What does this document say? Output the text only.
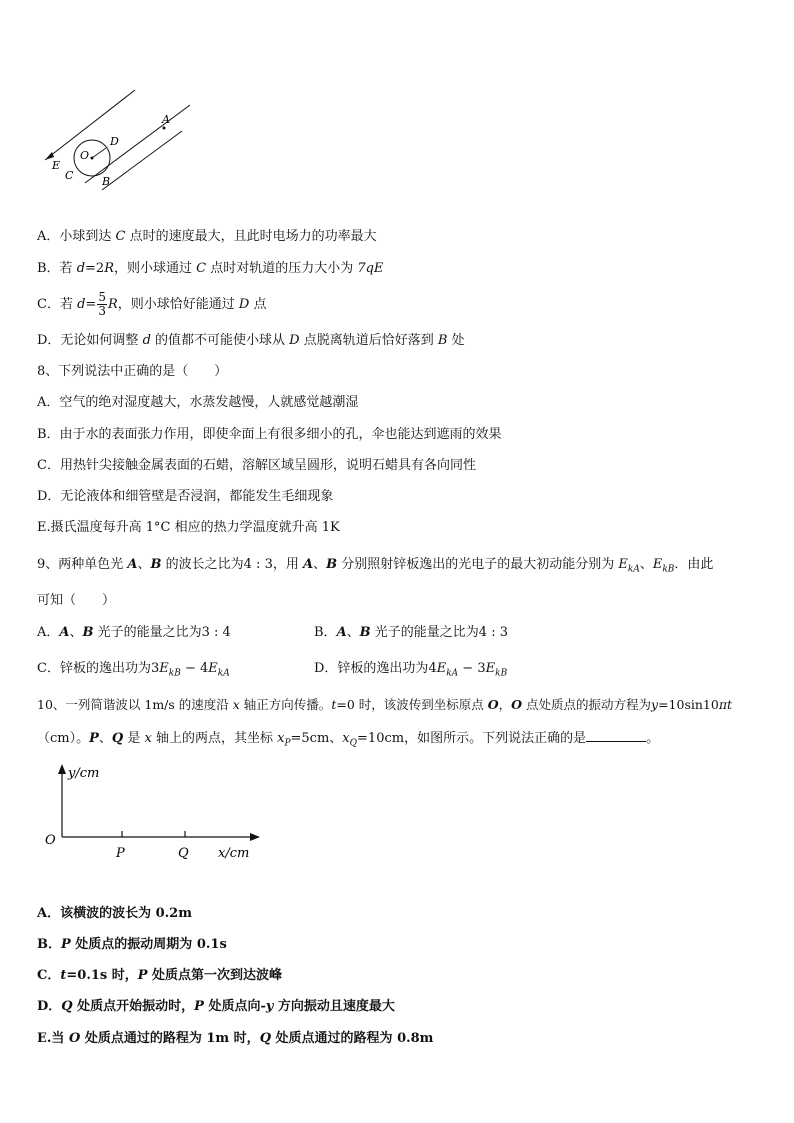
A
D
E
O
C	B
A．小球到达 C 点时的速度最大，且此时电场力的功率最大
B．若 d=2R，则小球通过 C 点时对轨道的压力大小为 7qE
C．若 $d= \frac{5}{3}$ R，则小球恰好能通过 D 点
D．无论如何调整 d 的值都不可能使小球从 D 点脱离轨道后恰好落到 B 处
8、下列说法中正确的是（　　）
A．空气的绝对湿度越大，水蒸发越慢，人就感觉越潮湿
B．由于水的表面张力作用，即使伞面上有很多细小的孔，伞也能达到遮雨的效果
C．用热针尖接触金属表面的石蜡，溶解区域呈圆形，说明石蜡具有各向同性
D．无论液体和细管壁是否浸润，都能发生毛细现象
E.摄氏温度每升高 1°C 相应的热力学温度就升高 1K
9、两种单色光 A、B 的波长之比为4 : 3，用 A、B 分别照射锌板逸出的光电子的最大初动能分别为 $E_{kA}$、$E_{kB}$．由此
可知（　　）
A．A、B 光子的能量之比为3 : 4	B．A、B 光子的能量之比为4 : 3
C．锌板的逸出功为$3E_{kB} - 4E_{kA}$	D．锌板的逸出功为$4E_{kA} - 3E_{kB}$
10、一列简谐波以 1m/s 的速度沿 x 轴正方向传播。t=0 时，该波传到坐标原点 O，O 点处质点的振动方程为y=10sin10πt
（cm）。P、Q 是 x 轴上的两点，其坐标 $x_P=5cm$、$x_Q=10cm$，如图所示。下列说法正确的是	。
y/cm
O
P	Q x/cm
A．该横波的波长为 0.2m
B．P 处质点的振动周期为 0.1s
C．t=0.1s 时，P 处质点第一次到达波峰
D．Q 处质点开始振动时，P 处质点向-y 方向振动且速度最大
E.当 O 处质点通过的路程为 1m 时，Q 处质点通过的路程为 0.8m
